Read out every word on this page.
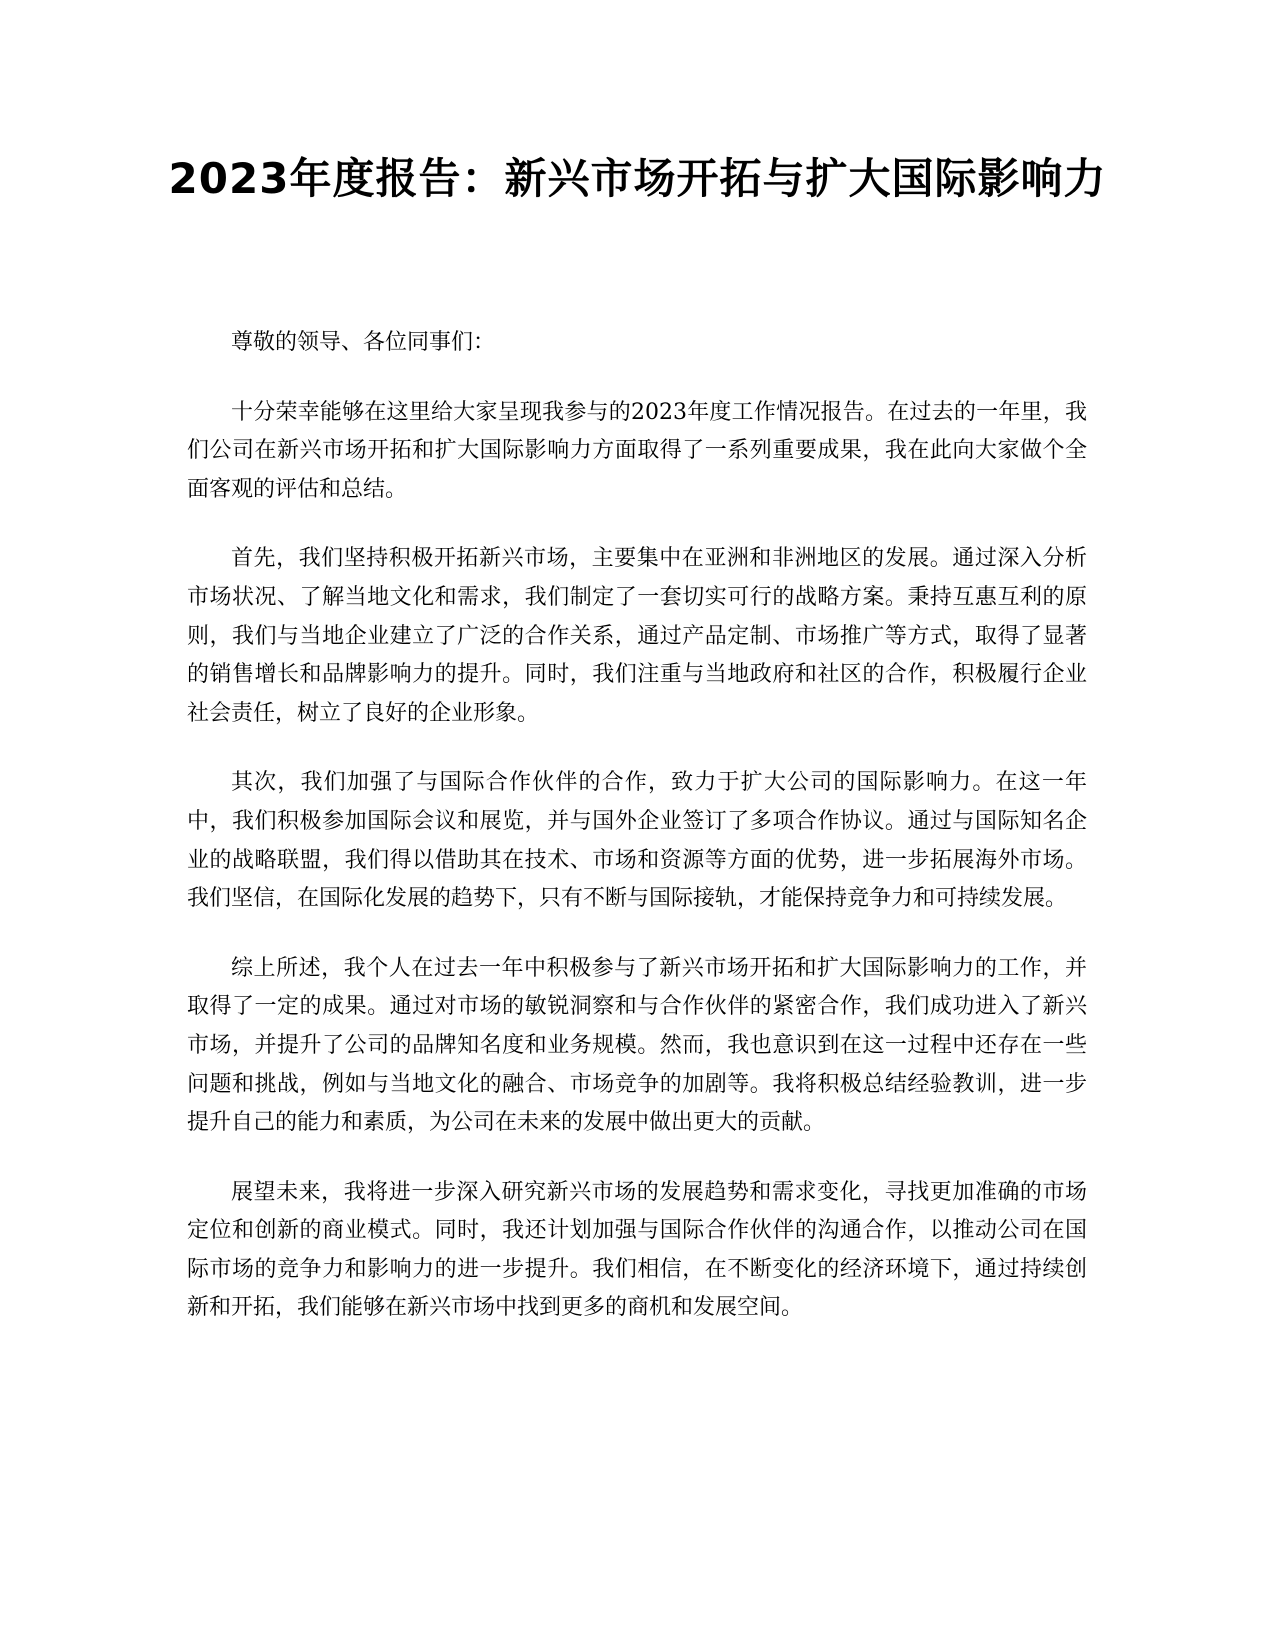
2023年度报告：新兴市场开拓与扩大国际影响力

尊敬的领导、各位同事们：

十分荣幸能够在这里给大家呈现我参与的2023年度工作情况报告。在过去的一年里，我们公司在新兴市场开拓和扩大国际影响力方面取得了一系列重要成果，我在此向大家做个全面客观的评估和总结。

首先，我们坚持积极开拓新兴市场，主要集中在亚洲和非洲地区的发展。通过深入分析市场状况、了解当地文化和需求，我们制定了一套切实可行的战略方案。秉持互惠互利的原则，我们与当地企业建立了广泛的合作关系，通过产品定制、市场推广等方式，取得了显著的销售增长和品牌影响力的提升。同时，我们注重与当地政府和社区的合作，积极履行企业社会责任，树立了良好的企业形象。

其次，我们加强了与国际合作伙伴的合作，致力于扩大公司的国际影响力。在这一年中，我们积极参加国际会议和展览，并与国外企业签订了多项合作协议。通过与国际知名企业的战略联盟，我们得以借助其在技术、市场和资源等方面的优势，进一步拓展海外市场。我们坚信，在国际化发展的趋势下，只有不断与国际接轨，才能保持竞争力和可持续发展。

综上所述，我个人在过去一年中积极参与了新兴市场开拓和扩大国际影响力的工作，并取得了一定的成果。通过对市场的敏锐洞察和与合作伙伴的紧密合作，我们成功进入了新兴市场，并提升了公司的品牌知名度和业务规模。然而，我也意识到在这一过程中还存在一些问题和挑战，例如与当地文化的融合、市场竞争的加剧等。我将积极总结经验教训，进一步提升自己的能力和素质，为公司在未来的发展中做出更大的贡献。

展望未来，我将进一步深入研究新兴市场的发展趋势和需求变化，寻找更加准确的市场定位和创新的商业模式。同时，我还计划加强与国际合作伙伴的沟通合作，以推动公司在国际市场的竞争力和影响力的进一步提升。我们相信，在不断变化的经济环境下，通过持续创新和开拓，我们能够在新兴市场中找到更多的商机和发展空间。
